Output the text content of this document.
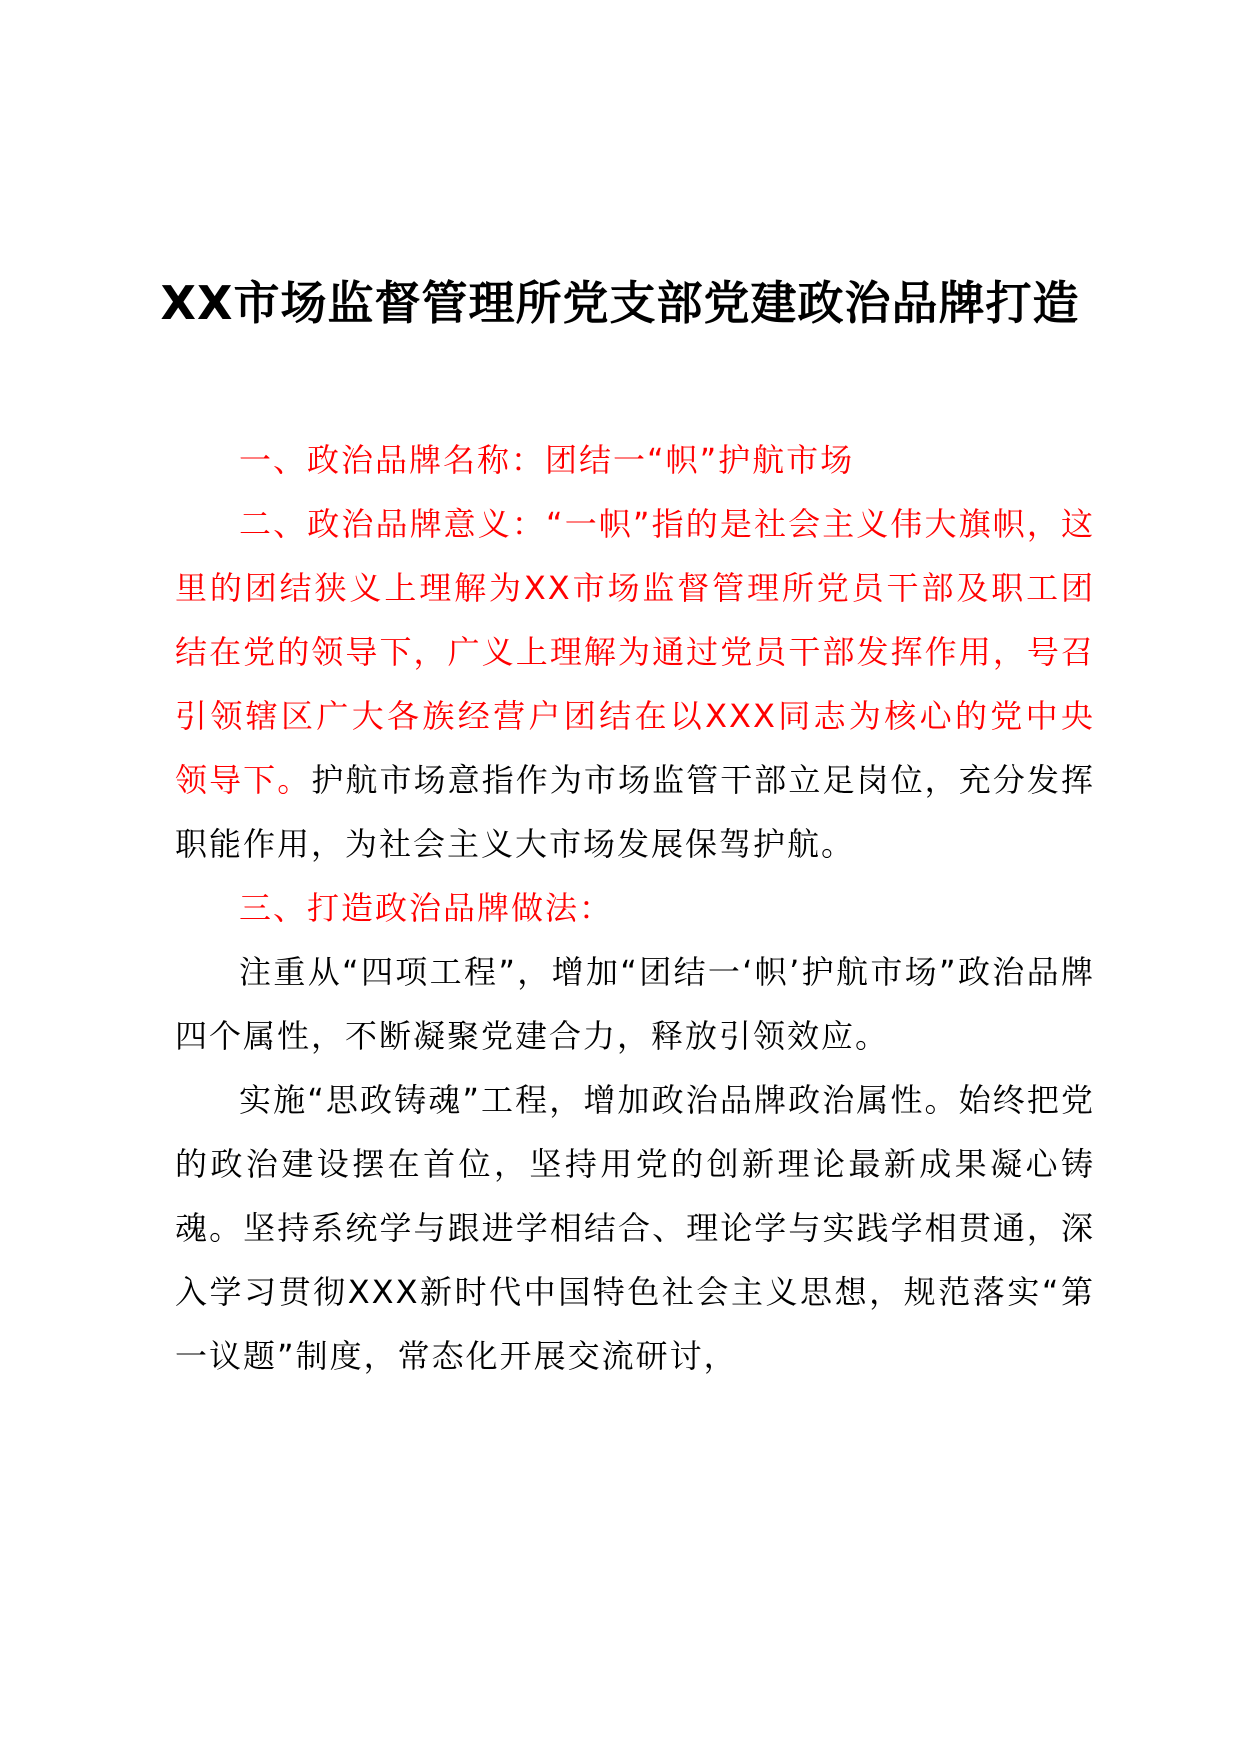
XX市场监督管理所党支部党建政治品牌打造

一、政治品牌名称：团结一“帜”护航市场

二、政治品牌意义：“一帜”指的是社会主义伟大旗帜，这里的团结狭义上理解为XX市场监督管理所党员干部及职工团结在党的领导下，广义上理解为通过党员干部发挥作用，号召引领辖区广大各族经营户团结在以XXX同志为核心的党中央领导下。护航市场意指作为市场监管干部立足岗位，充分发挥职能作用，为社会主义大市场发展保驾护航。

三、打造政治品牌做法：

注重从“四项工程”，增加“团结一‘帜’护航市场”政治品牌四个属性，不断凝聚党建合力，释放引领效应。

实施“思政铸魂”工程，增加政治品牌政治属性。始终把党的政治建设摆在首位，坚持用党的创新理论最新成果凝心铸魂。坚持系统学与跟进学相结合、理论学与实践学相贯通，深入学习贯彻XXX新时代中国特色社会主义思想，规范落实“第一议题”制度，常态化开展交流研讨，
